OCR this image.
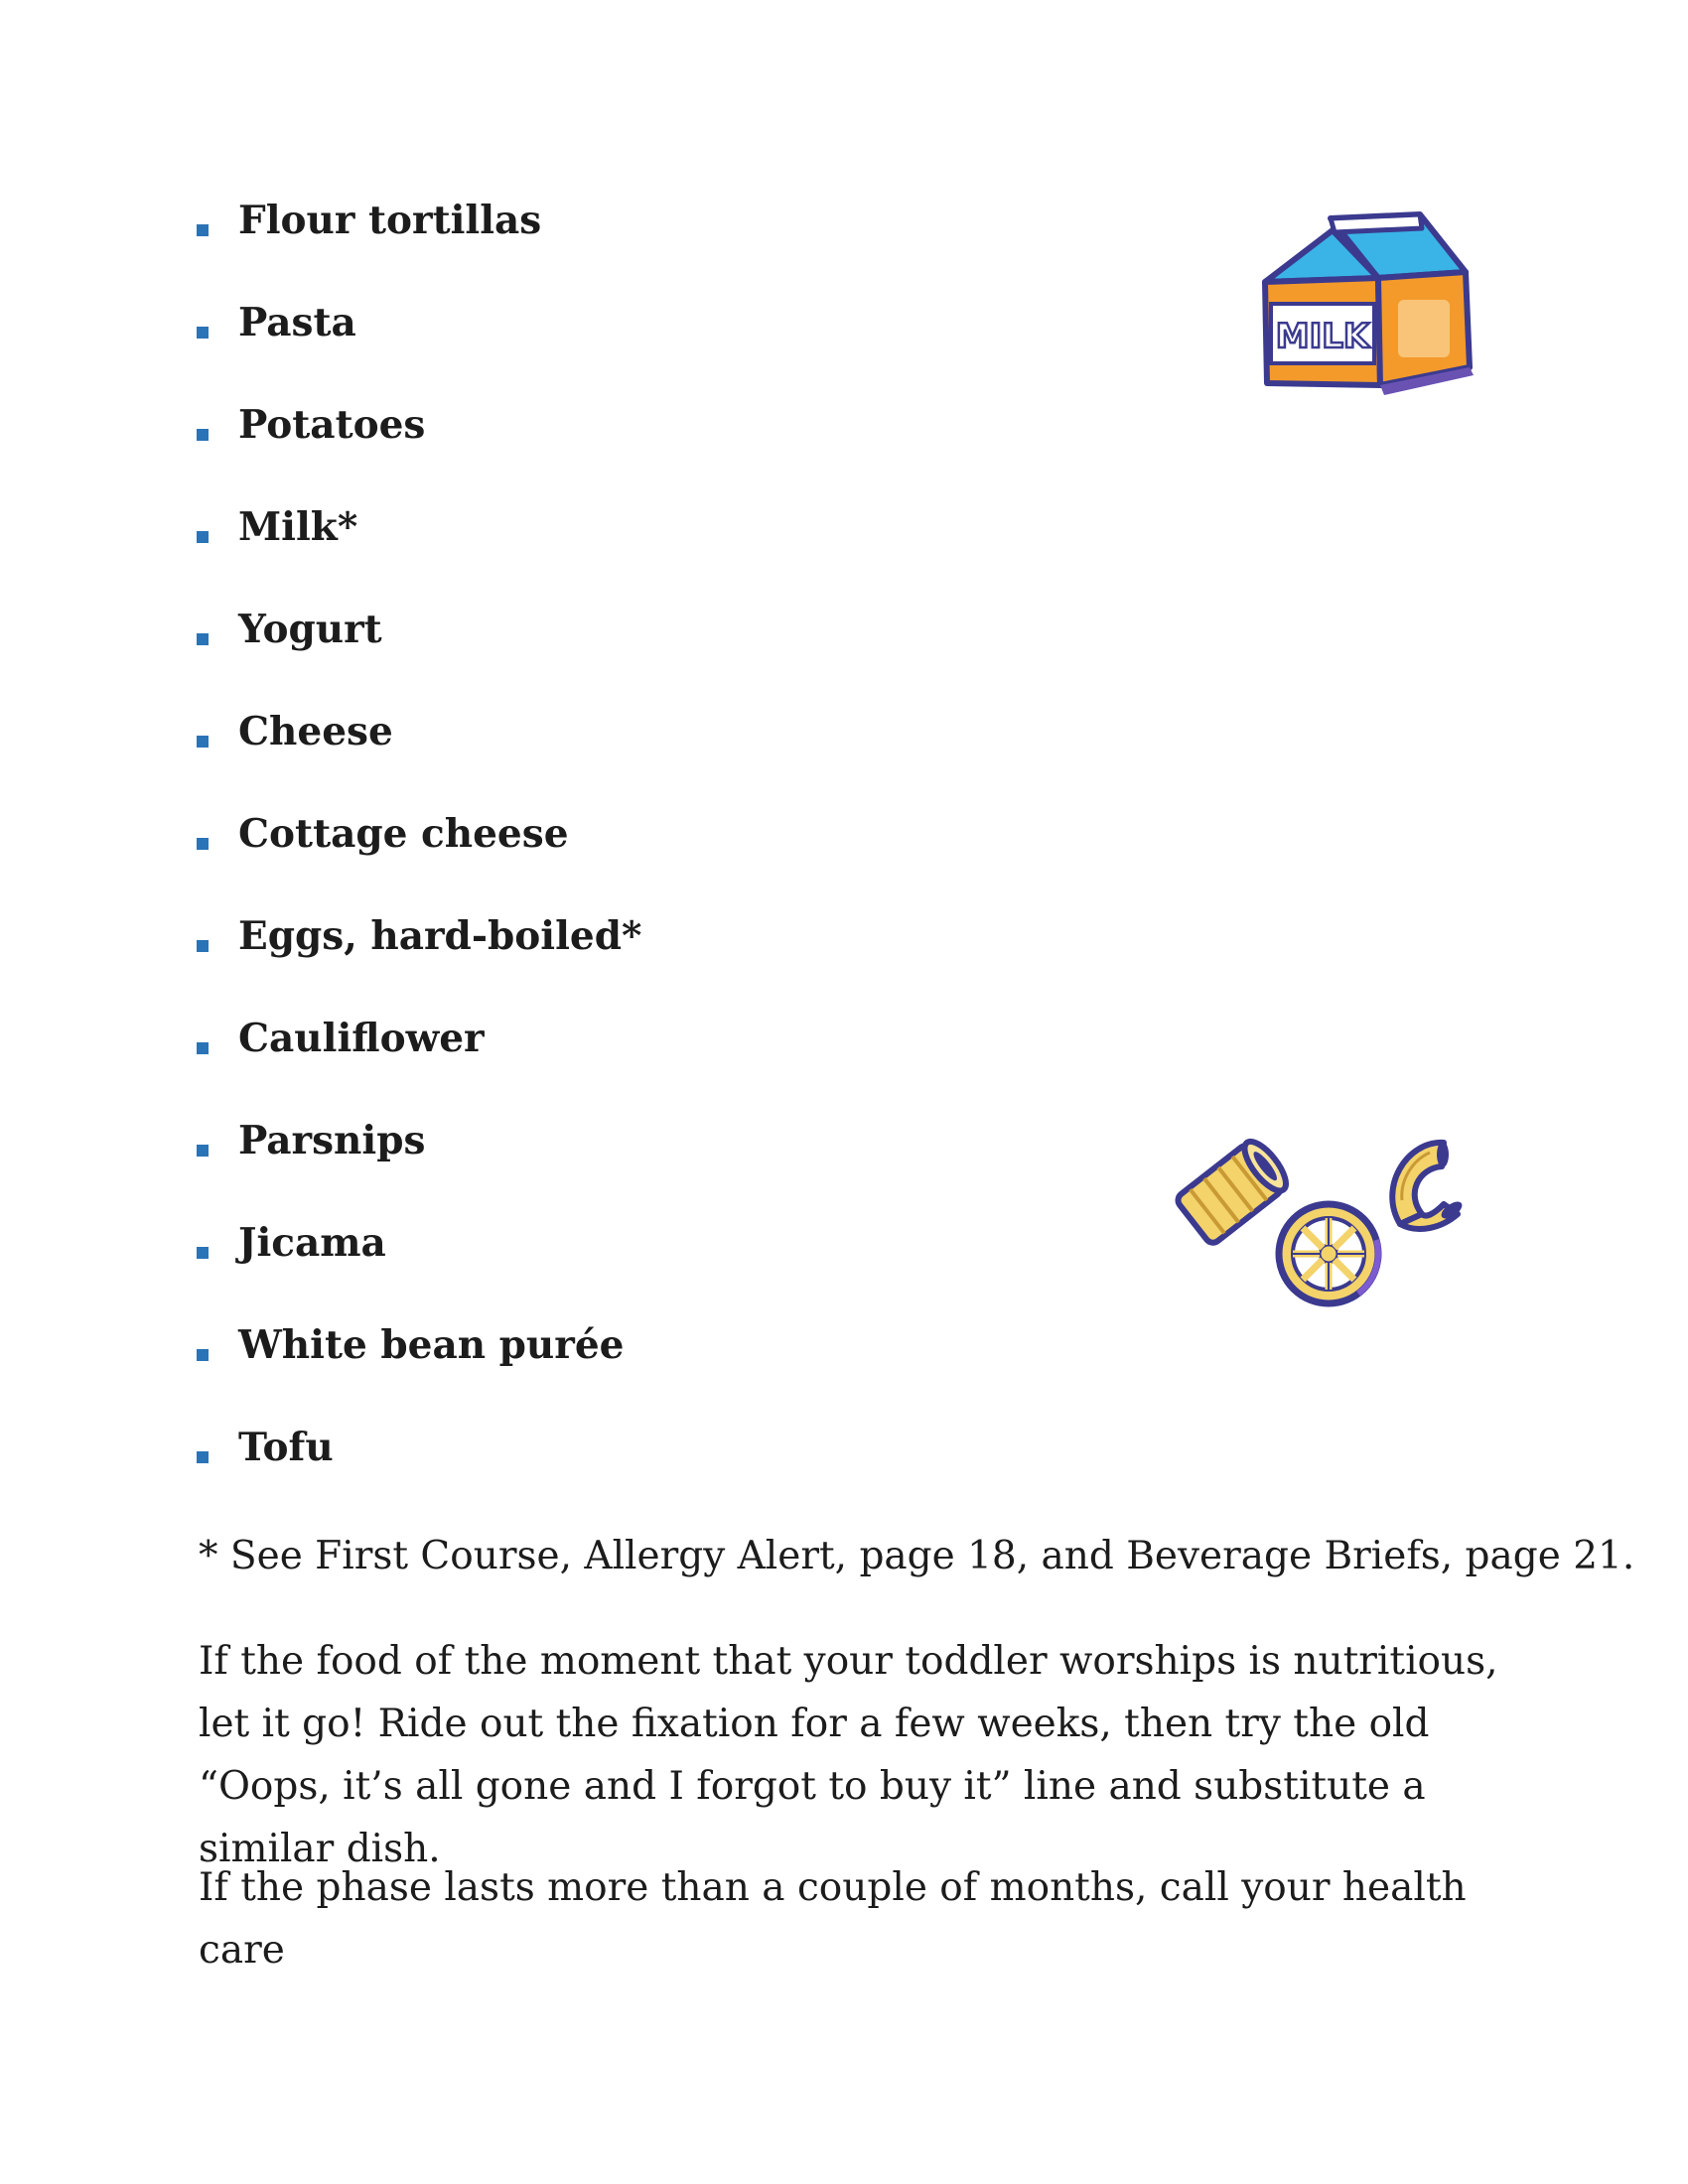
Flour tortillas
Pasta
Potatoes
Milk*
Yogurt
Cheese
Cottage cheese
Eggs, hard-boiled*
Cauliflower
Parsnips
Jicama
White bean purée
Tofu
MILK

* See First Course, Allergy Alert, page 18, and Beverage Briefs, page 21.

If the food of the moment that your toddler worships is nutritious, let it go! Ride out the fixation for a few weeks, then try the old “Oops, it’s all gone and I forgot to buy it” line and substitute a similar dish.

If the phase lasts more than a couple of months, call your health care
